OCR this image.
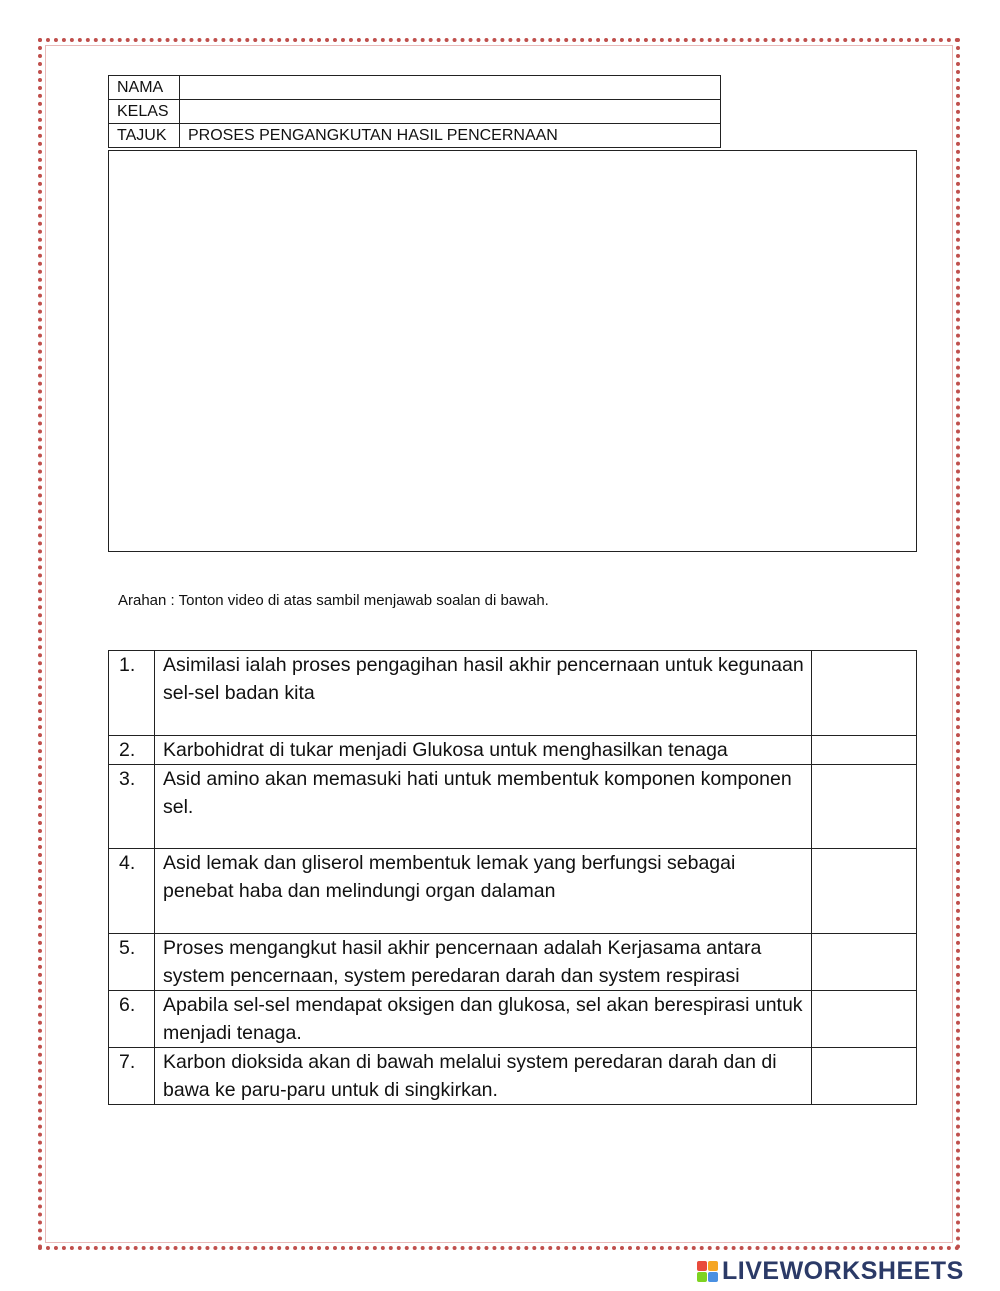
NAMA	
KELAS	
TAJUK	PROSES PENGANGKUTAN HASIL PENCERNAAN
Arahan : Tonton video di atas sambil menjawab soalan di bawah.
1.	Asimilasi ialah proses pengagihan hasil akhir pencernaan untuk kegunaan sel-sel badan kita	
2.	Karbohidrat di tukar menjadi Glukosa untuk menghasilkan tenaga	
3.	Asid amino akan memasuki hati untuk membentuk komponen komponen sel.	
4.	Asid lemak dan gliserol membentuk lemak yang berfungsi sebagai penebat haba dan melindungi organ dalaman	
5.	Proses mengangkut hasil akhir pencernaan adalah Kerjasama antara system pencernaan, system peredaran darah dan system respirasi	
6.	Apabila sel-sel mendapat oksigen dan glukosa, sel akan berespirasi untuk menjadi tenaga.	
7.	Karbon dioksida akan di bawah melalui system peredaran darah dan di bawa ke paru-paru untuk di singkirkan.	
LIVEWORKSHEETS
